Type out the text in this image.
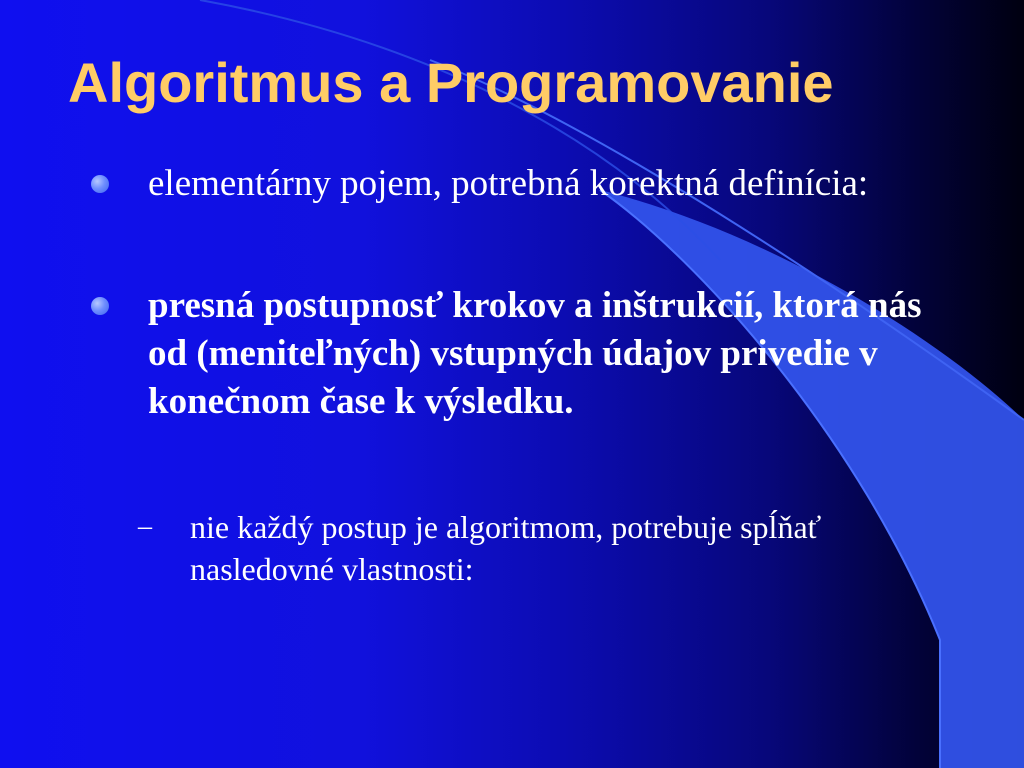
Algoritmus a Programovanie
elementárny pojem, potrebná korektná definícia:
presná postupnosť krokov a inštrukcií, ktorá nás od (meniteľných) vstupných údajov privedie v konečnom čase k výsledku.
– nie každý postup je algoritmom, potrebuje spĺňať nasledovné vlastnosti:
